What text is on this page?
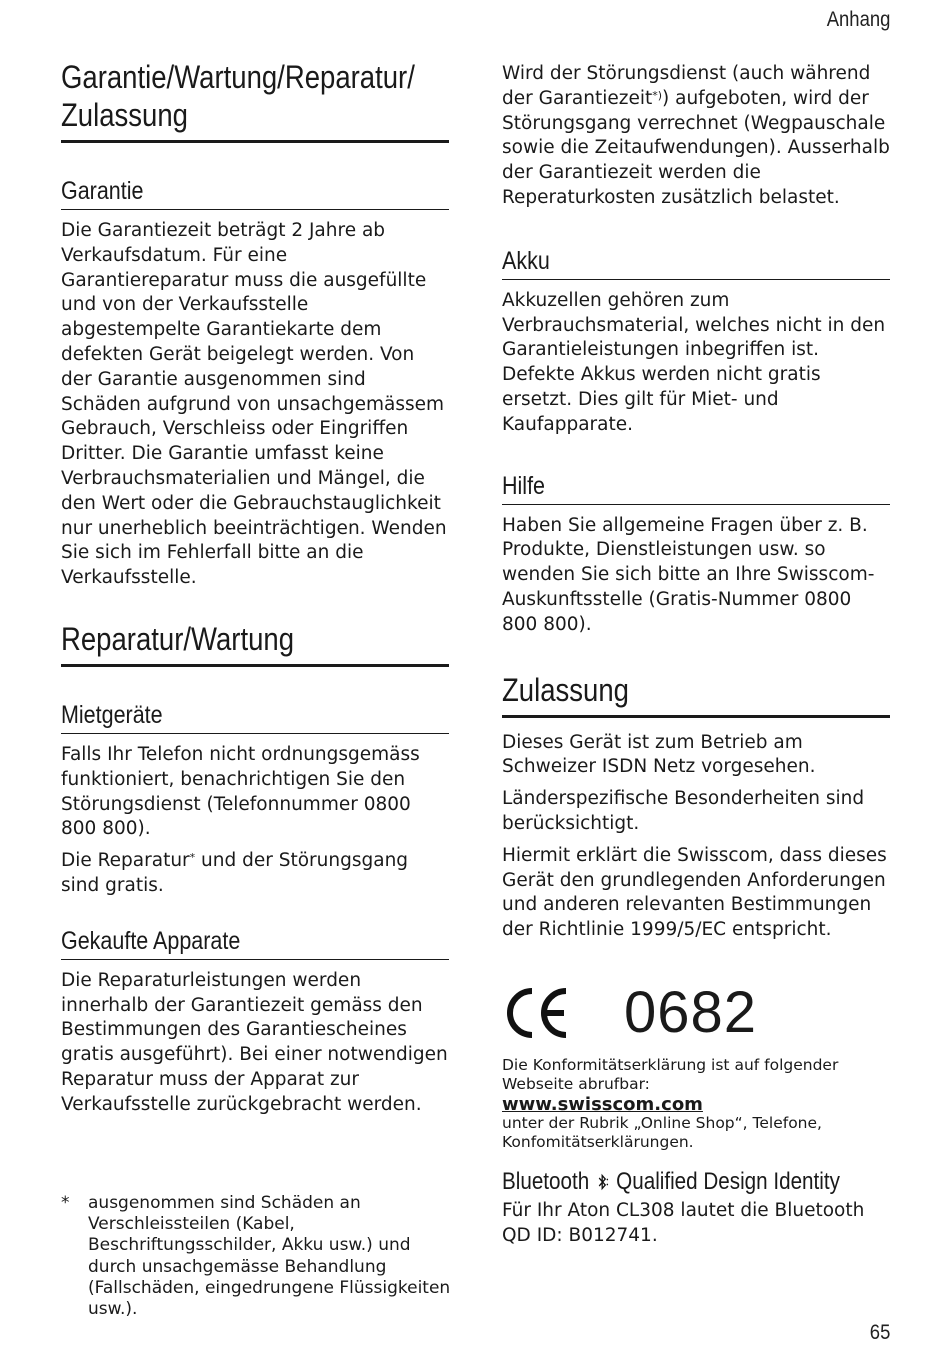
Anhang
Garantie/Wartung/Reparatur/ Zulassung
Garantie

Die Garantiezeit beträgt 2 Jahre ab Verkaufsdatum. Für eine Garantiereparatur muss die ausgefüllte und von der Verkaufsstelle abgestempelte Garantiekarte dem defekten Gerät beigelegt werden. Von der Garantie ausgenommen sind Schäden aufgrund von unsachgemässem Gebrauch, Verschleiss oder Eingriffen Dritter. Die Garantie umfasst keine Verbrauchsmaterialien und Mängel, die den Wert oder die Gebrauchstauglichkeit nur unerheblich beeinträchtigen. Wenden Sie sich im Fehlerfall bitte an die Verkaufsstelle.

Reparatur/Wartung
Mietgeräte

Falls Ihr Telefon nicht ordnungsgemäss funktioniert, benachrichtigen Sie den Störungsdienst (Telefonnummer 0800 800 800).

Die Reparatur* und der Störungsgang sind gratis.

Gekaufte Apparate

Die Reparaturleistungen werden innerhalb der Garantiezeit gemäss den Bestimmungen des Garantiescheines gratis ausgeführt). Bei einer notwendigen Reparatur muss der Apparat zur Verkaufsstelle zurückgebracht werden.

* ausgenommen sind Schäden an Verschleissteilen (Kabel, Beschriftungsschilder, Akku usw.) und durch unsachgemässe Behandlung (Fallschäden, eingedrungene Flüssigkeiten usw.).

Wird der Störungsdienst (auch während der Garantiezeit*)) aufgeboten, wird der Störungsgang verrechnet (Wegpauschale sowie die Zeitaufwendungen). Ausserhalb der Garantiezeit werden die Reperaturkosten zusätzlich belastet.

Akku

Akkuzellen gehören zum Verbrauchsmaterial, welches nicht in den Garantieleistungen inbegriffen ist. Defekte Akkus werden nicht gratis ersetzt. Dies gilt für Miet- und Kaufapparate.

Hilfe

Haben Sie allgemeine Fragen über z. B. Produkte, Dienstleistungen usw. so wenden Sie sich bitte an Ihre Swisscom-Auskunftsstelle (Gratis-Nummer 0800 800 800).

Zulassung

Dieses Gerät ist zum Betrieb am Schweizer ISDN Netz vorgesehen.

Länderspezifische Besonderheiten sind berücksichtigt.

Hiermit erklärt die Swisscom, dass dieses Gerät den grundlegenden Anforderungen und anderen relevanten Bestimmungen der Richtlinie 1999/5/EC entspricht.

0682

Die Konformitätserklärung ist auf folgender Webseite abrufbar:

www.swisscom.com

unter der Rubrik „Online Shop“, Telefone, Konfomitätserklärungen.

Bluetooth Qualified Design Identity

Für Ihr Aton CL308 lautet die Bluetooth QD ID: B012741.

65
